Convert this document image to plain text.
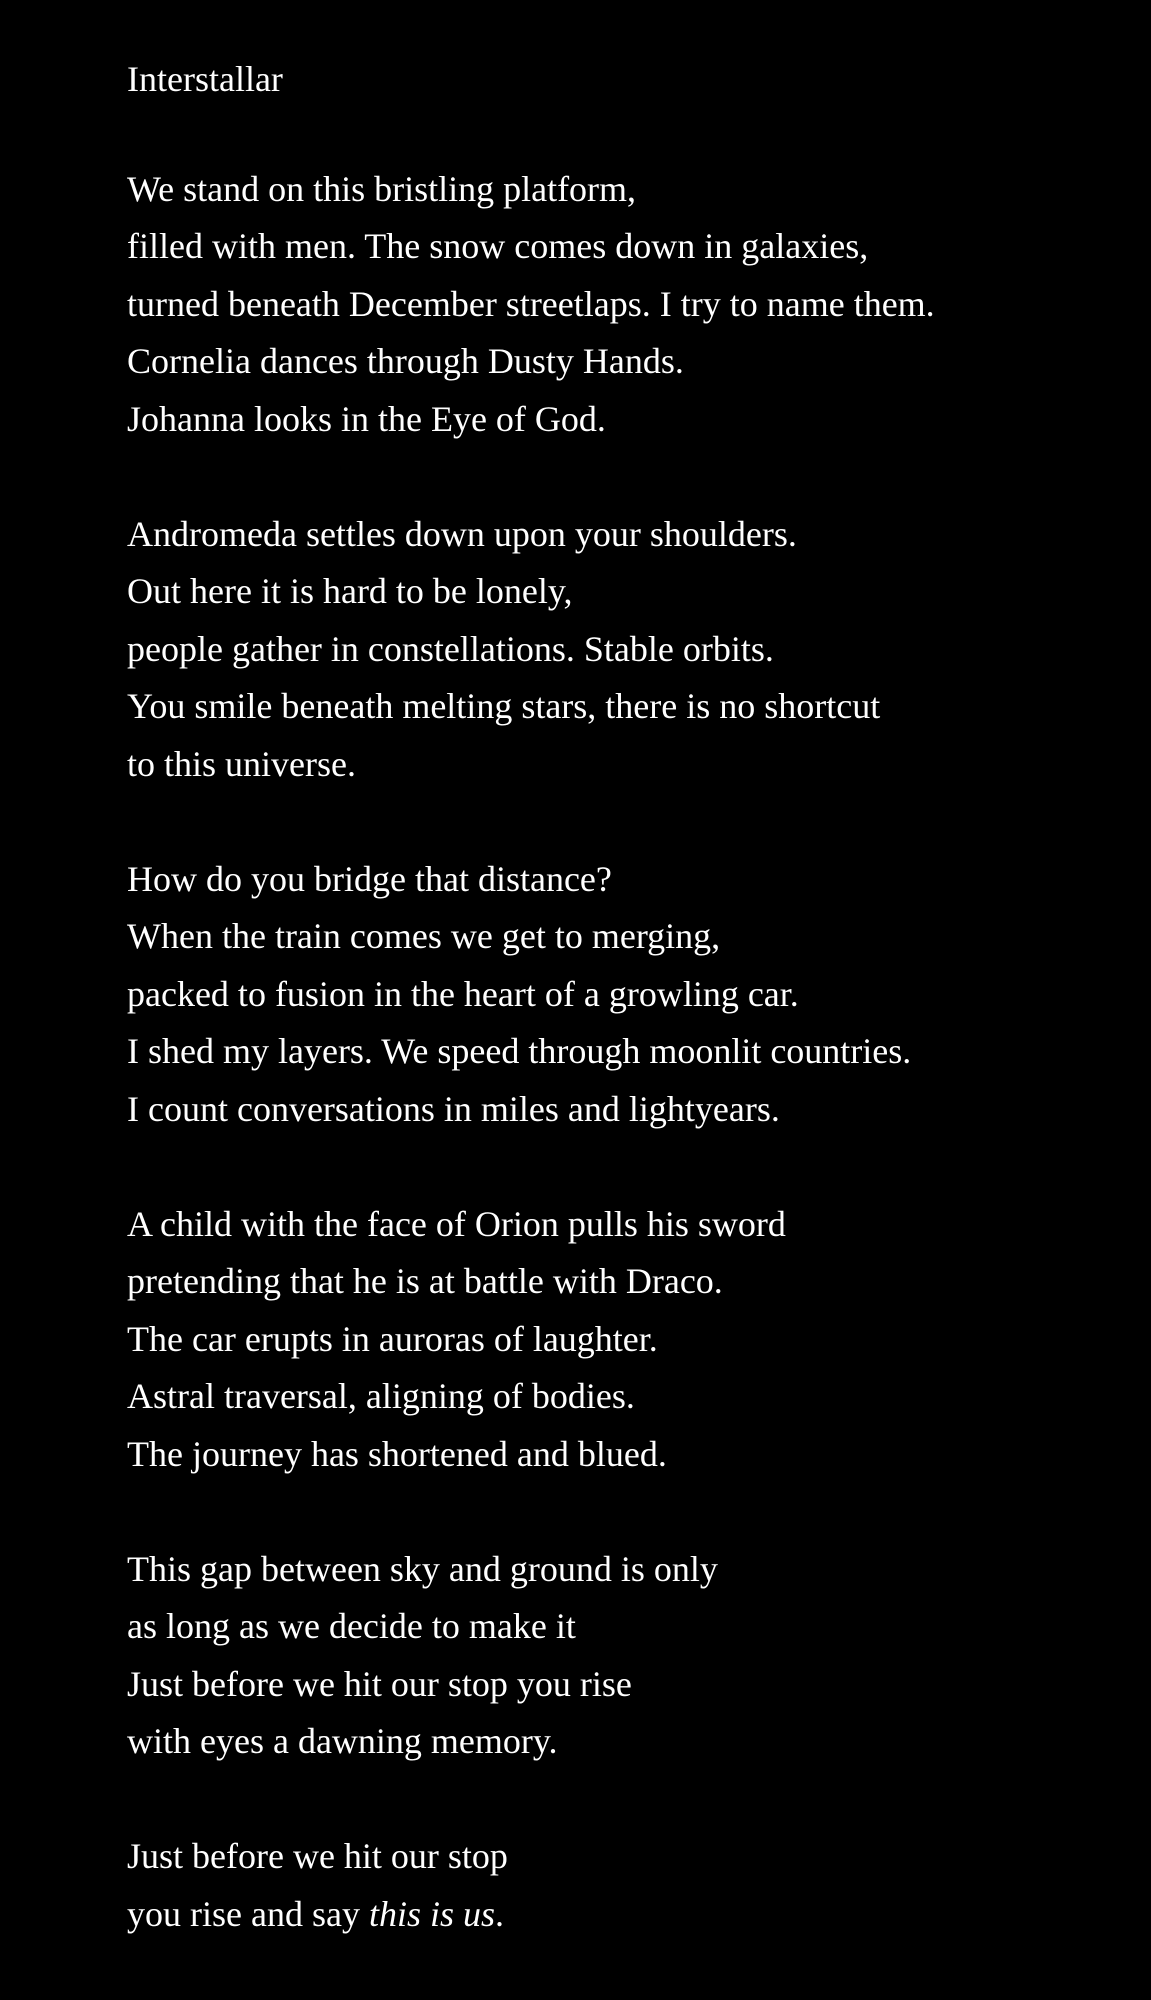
Interstallar
We stand on this bristling platform,
filled with men. The snow comes down in galaxies,
turned beneath December streetlaps. I try to name them.
Cornelia dances through Dusty Hands.
Johanna looks in the Eye of God.
Andromeda settles down upon your shoulders.
Out here it is hard to be lonely,
people gather in constellations. Stable orbits.
You smile beneath melting stars, there is no shortcut
to this universe.
How do you bridge that distance?
When the train comes we get to merging,
packed to fusion in the heart of a growling car.
I shed my layers. We speed through moonlit countries.
I count conversations in miles and lightyears.
A child with the face of Orion pulls his sword
pretending that he is at battle with Draco.
The car erupts in auroras of laughter.
Astral traversal, aligning of bodies.
The journey has shortened and blued.
This gap between sky and ground is only
as long as we decide to make it
Just before we hit our stop you rise
with eyes a dawning memory.
Just before we hit our stop
you rise and say this is us.
